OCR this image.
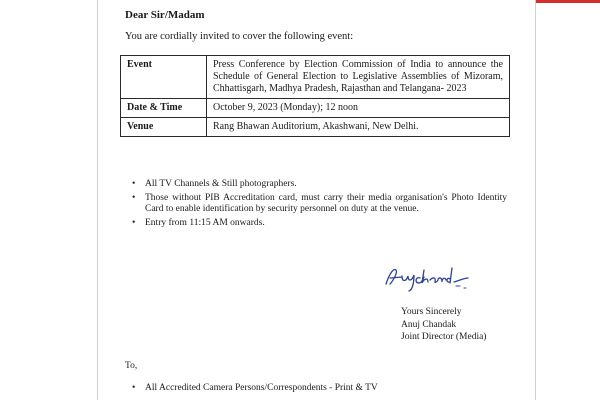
Dear Sir/Madam
You are cordially invited to cover the following event:
Event	Press Conference by Election Commission of India to announce the Schedule of General Election to Legislative Assemblies of Mizoram, Chhattisgarh, Madhya Pradesh, Rajasthan and Telangana- 2023
Date & Time	October 9, 2023 (Monday); 12 noon
Venue	Rang Bhawan Auditorium, Akashwani, New Delhi.
• All TV Channels & Still photographers.
• Those without PIB Accreditation card, must carry their media organisation's Photo Identity Card to enable identification by security personnel on duty at the venue.
• Entry from 11:15 AM onwards.
Yours Sincerely
Anuj Chandak
Joint Director (Media)
To,
• All Accredited Camera Persons/Correspondents - Print & TV
